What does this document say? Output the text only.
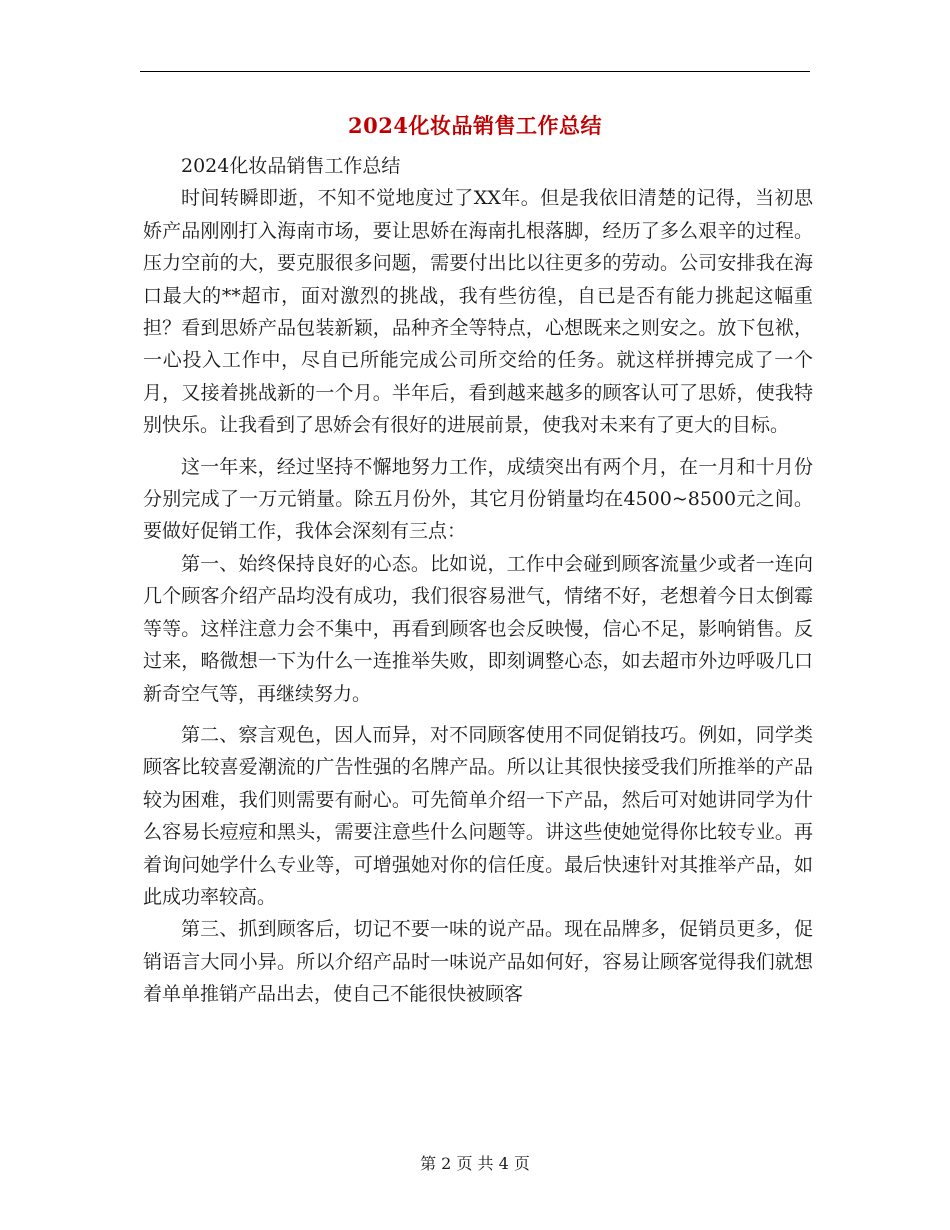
2024化妆品销售工作总结

2024化妆品销售工作总结

时间转瞬即逝，不知不觉地度过了XX年。但是我依旧清楚的记得，当初思娇产品刚刚打入海南市场，要让思娇在海南扎根落脚，经历了多么艰辛的过程。压力空前的大，要克服很多问题，需要付出比以往更多的劳动。公司安排我在海口最大的**超市，面对激烈的挑战，我有些彷徨，自已是否有能力挑起这幅重担？看到思娇产品包装新颖，品种齐全等特点，心想既来之则安之。放下包袱，一心投入工作中，尽自已所能完成公司所交给的任务。就这样拼搏完成了一个月，又接着挑战新的一个月。半年后，看到越来越多的顾客认可了思娇，使我特别快乐。让我看到了思娇会有很好的进展前景，使我对未来有了更大的目标。

这一年来，经过坚持不懈地努力工作，成绩突出有两个月，在一月和十月份分别完成了一万元销量。除五月份外，其它月份销量均在4500~8500元之间。 要做好促销工作，我体会深刻有三点：

第一、始终保持良好的心态。比如说，工作中会碰到顾客流量少或者一连向几个顾客介绍产品均没有成功，我们很容易泄气，情绪不好，老想着今日太倒霉等等。这样注意力会不集中，再看到顾客也会反映慢，信心不足，影响销售。反过来，略微想一下为什么一连推举失败，即刻调整心态，如去超市外边呼吸几口新奇空气等，再继续努力。

第二、察言观色，因人而异，对不同顾客使用不同促销技巧。例如，同学类顾客比较喜爱潮流的广告性强的名牌产品。所以让其很快接受我们所推举的产品较为困难，我们则需要有耐心。可先简单介绍一下产品，然后可对她讲同学为什么容易长痘痘和黑头，需要注意些什么问题等。讲这些使她觉得你比较专业。再着询问她学什么专业等，可增强她对你的信任度。最后快速针对其推举产品，如此成功率较高。

第三、抓到顾客后，切记不要一味的说产品。现在品牌多，促销员更多，促销语言大同小异。所以介绍产品时一味说产品如何好，容易让顾客觉得我们就想着单单推销产品出去，使自己不能很快被顾客

第 2 页 共 4 页
